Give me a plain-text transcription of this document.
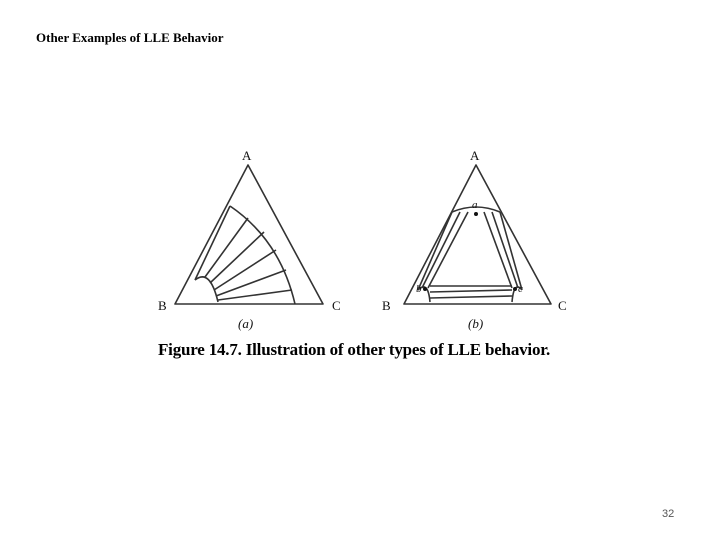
Other Examples of LLE Behavior
A
B	C
(a)
A
B	C
(b)
a
b	c
Figure 14.7. Illustration of other types of LLE behavior.
32
